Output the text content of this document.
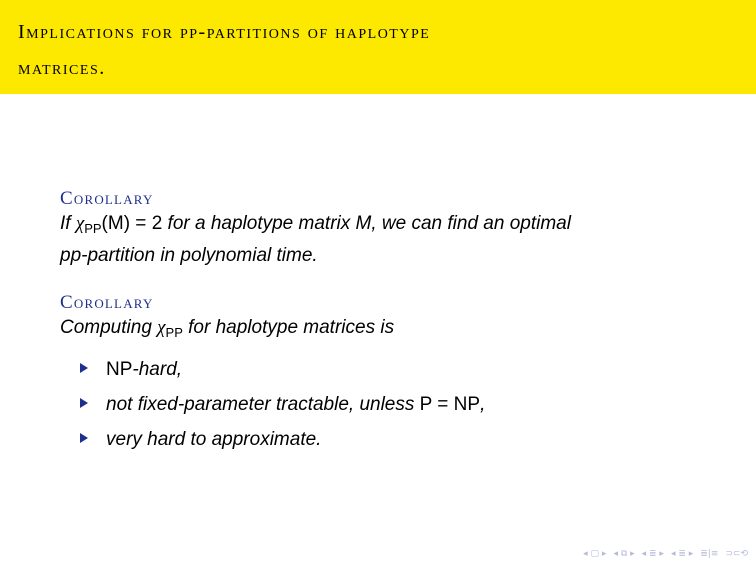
Implications for pp-partitions of haplotype
matrices.
Corollary
If $\chi_{PP}(M) = 2$ for a haplotype matrix M, we can find an optimal
pp-partition in polynomial time.
Corollary
Computing $\chi_{PP}$ for haplotype matrices is
NP-hard,
not fixed-parameter tractable, unless P = NP,
very hard to approximate.
◂ ▢ ▸ ◂ ⧉ ▸ ◂ ≣ ▸ ◂ ≣ ▸ ≣|≡ ⊃⊂⟲
